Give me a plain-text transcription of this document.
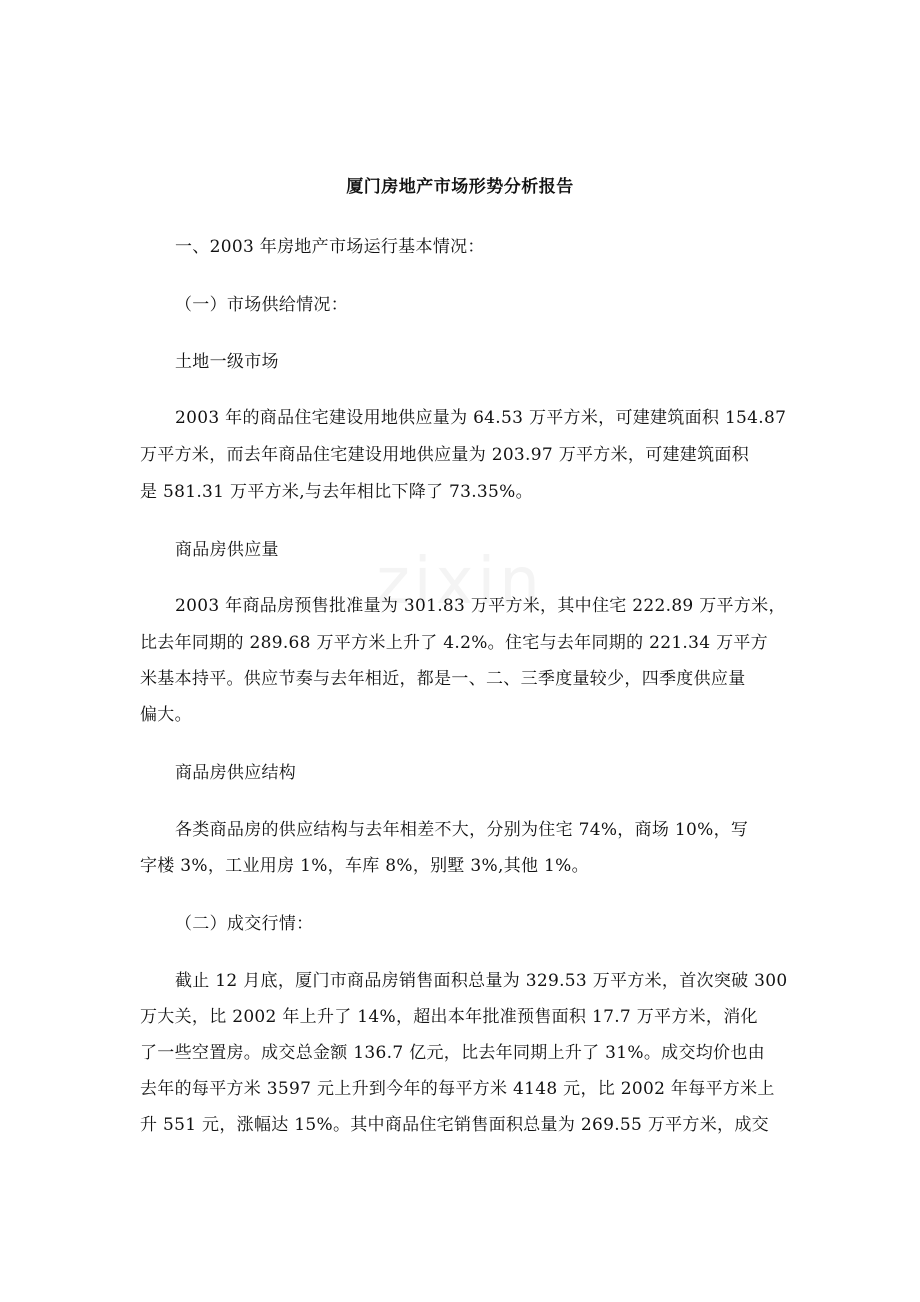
zixin
厦门房地产市场形势分析报告
一、2003 年房地产市场运行基本情况：
（一）市场供给情况：
土地一级市场
2003 年的商品住宅建设用地供应量为 64.53 万平方米，可建建筑面积 154.87
万平方米，而去年商品住宅建设用地供应量为 203.97 万平方米，可建建筑面积
是 581.31 万平方米,与去年相比下降了 73.35%。
商品房供应量
2003 年商品房预售批准量为 301.83 万平方米，其中住宅 222.89 万平方米，
比去年同期的 289.68 万平方米上升了 4.2%。住宅与去年同期的 221.34 万平方
米基本持平。供应节奏与去年相近，都是一、二、三季度量较少，四季度供应量
偏大。
商品房供应结构
各类商品房的供应结构与去年相差不大，分别为住宅 74%，商场 10%，写
字楼 3%，工业用房 1%，车库 8%，别墅 3%,其他 1%。
（二）成交行情：
截止 12 月底，厦门市商品房销售面积总量为 329.53 万平方米，首次突破 300
万大关，比 2002 年上升了 14%，超出本年批准预售面积 17.7 万平方米，消化
了一些空置房。成交总金额 136.7 亿元，比去年同期上升了 31%。成交均价也由
去年的每平方米 3597 元上升到今年的每平方米 4148 元，比 2002 年每平方米上
升 551 元，涨幅达 15%。其中商品住宅销售面积总量为 269.55 万平方米，成交
